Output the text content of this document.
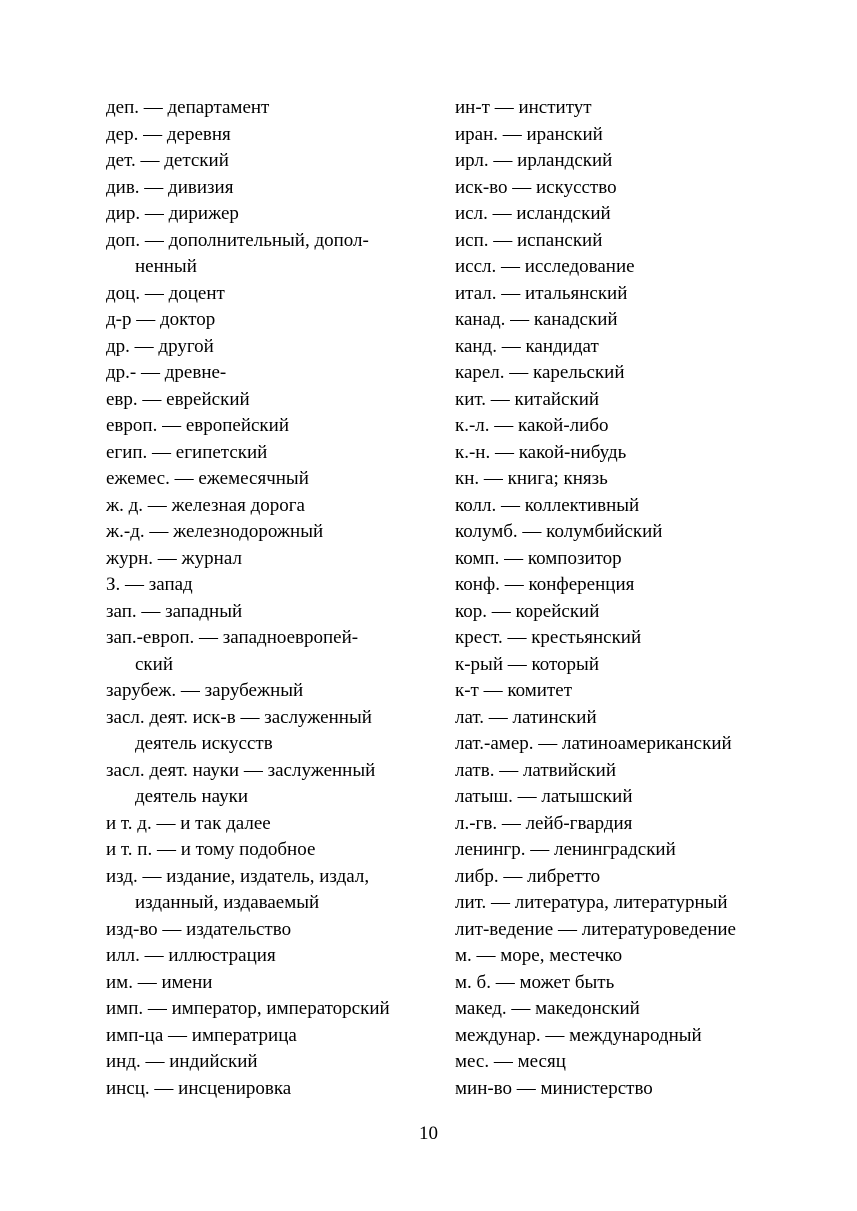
деп. — департамент

дер. — деревня

дет. — детский

див. — дивизия

дир. — дирижер

доп. — дополнительный, допол-
ненный

доц. — доцент

д-р — доктор

др. — другой

др.- — древне-

евр. — еврейский

европ. — европейский

егип. — египетский

ежемес. — ежемесячный

ж. д. — железная дорога

ж.-д. — железнодорожный

журн. — журнал

З. — запад

зап. — западный

зап.-европ. — западноевропей-
ский

зарубеж. — зарубежный

засл. деят. иск-в — заслуженный
деятель искусств

засл. деят. науки — заслуженный
деятель науки

и т. д. — и так далее

и т. п. — и тому подобное

изд. — издание, издатель, издал,
изданный, издаваемый

изд-во — издательство

илл. — иллюстрация

им. — имени

имп. — император, императорский

имп-ца — императрица

инд. — индийский

инсц. — инсценировка

ин-т — институт

иран. — иранский

ирл. — ирландский

иск-во — искусство

исл. — исландский

исп. — испанский

иссл. — исследование

итал. — итальянский

канад. — канадский

канд. — кандидат

карел. — карельский

кит. — китайский

к.-л. — какой-либо

к.-н. — какой-нибудь

кн. — книга; князь

колл. — коллективный

колумб. — колумбийский

комп. — композитор

конф. — конференция

кор. — корейский

крест. — крестьянский

к-рый — который

к-т — комитет

лат. — латинский

лат.-амер. — латиноамериканский

латв. — латвийский

латыш. — латышский

л.-гв. — лейб-гвардия

ленингр. — ленинградский

либр. — либретто

лит. — литература, литературный

лит-ведение — литературоведение

м. — море, местечко

м. б. — может быть

макед. — македонский

междунар. — международный

мес. — месяц

мин-во — министерство

10
